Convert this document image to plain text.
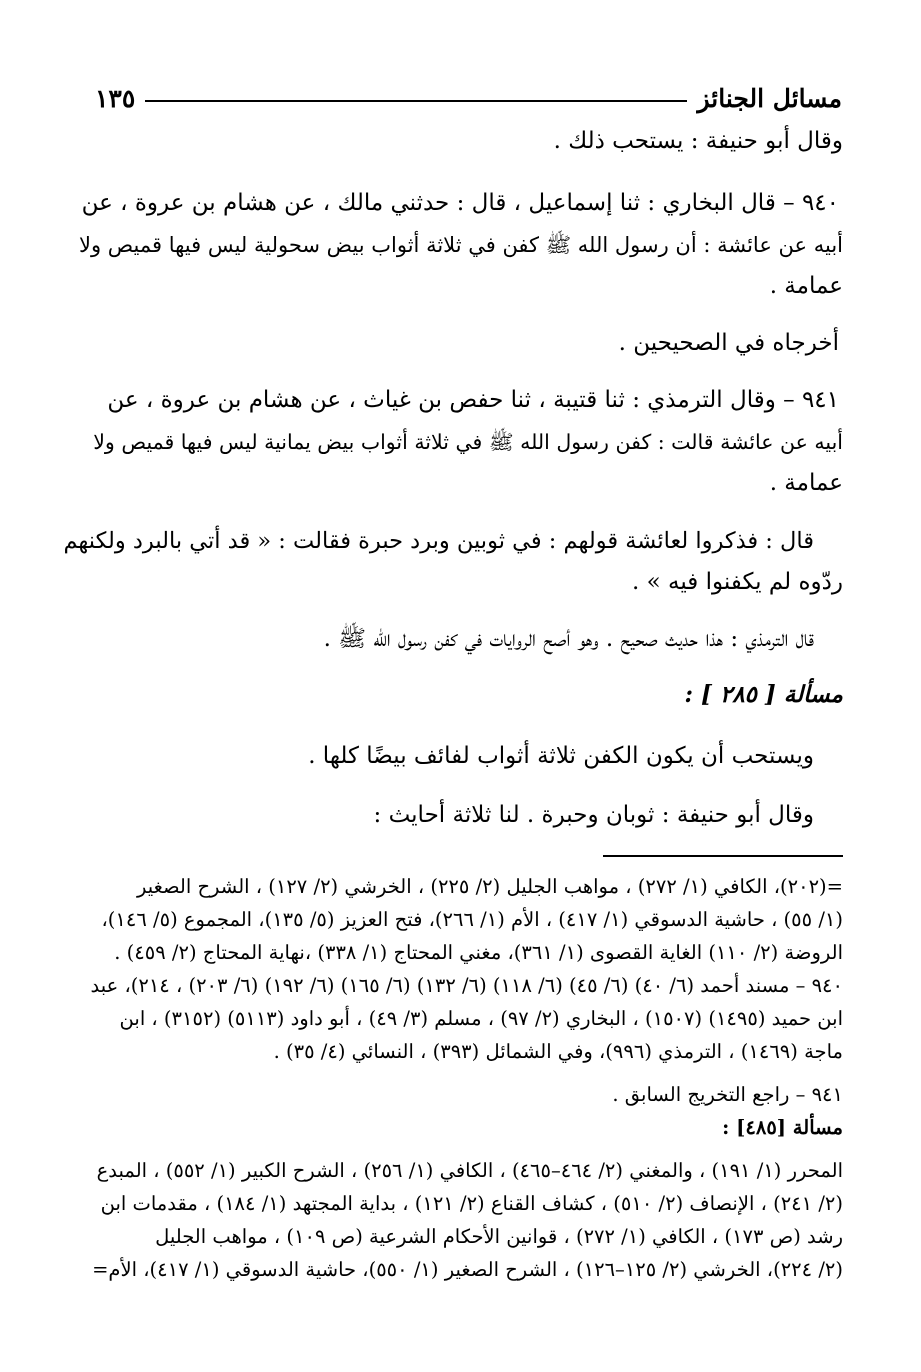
مسائل الجنائز
١٣٥
وقال أبو حنيفة : يستحب ذلك .
٩٤٠ – قال البخاري : ثنا إسماعيل ، قال : حدثني مالك ، عن هشام بن عروة ، عن
أبيه عن عائشة : أن رسول الله ﷺ كفن في ثلاثة أثواب بيض سحولية ليس فيها قميص ولا
عمامة .
أخرجاه في الصحيحين .
٩٤١ – وقال الترمذي : ثنا قتيبة ، ثنا حفص بن غياث ، عن هشام بن عروة ، عن
أبيه عن عائشة قالت : كفن رسول الله ﷺ في ثلاثة أثواب بيض يمانية ليس فيها قميص ولا
عمامة .
قال : فذكروا لعائشة قولهم : في ثوبين وبرد حبرة فقالت : « قد أتي بالبرد ولكنهم
ردّوه لم يكفنوا فيه » .
قال الترمذي : هذا حديث صحيح . وهو أصح الروايات في كفن رسول الله ﷺ .
مسألة [ ٢٨٥ ] :
ويستحب أن يكون الكفن ثلاثة أثواب لفائف بيضًا كلها .
وقال أبو حنيفة : ثوبان وحبرة . لنا ثلاثة أحايث :
=(٢٠٢)، الكافي (١/ ٢٧٢) ، مواهب الجليل (٢/ ٢٢٥) ، الخرشي (٢/ ١٢٧) ، الشرح الصغير
(١/ ٥٥) ، حاشية الدسوقي (١/ ٤١٧) ، الأم (١/ ٢٦٦)، فتح العزيز (٥/ ١٣٥)، المجموع (٥/ ١٤٦)،
الروضة (٢/ ١١٠) الغاية القصوى (١/ ٣٦١)، مغني المحتاج (١/ ٣٣٨) ،نهاية المحتاج (٢/ ٤٥٩) .
٩٤٠ – مسند أحمد (٦/ ٤٠) (٦/ ٤٥) (٦/ ١١٨) (٦/ ١٣٢) (٦/ ١٦٥) (٦/ ١٩٢) (٦/ ٢٠٣) ، ٢١٤)، عبد
ابن حميد (١٤٩٥) (١٥٠٧) ، البخاري (٢/ ٩٧) ، مسلم (٣/ ٤٩) ، أبو داود (٥١١٣) (٣١٥٢) ، ابن
ماجة (١٤٦٩) ، الترمذي (٩٩٦)، وفي الشمائل (٣٩٣) ، النسائي (٤/ ٣٥) .
٩٤١ – راجع التخريج السابق .
مسألة [٤٨٥] :
المحرر (١/ ١٩١) ، والمغني (٢/ ٤٦٤–٤٦٥) ، الكافي (١/ ٢٥٦) ، الشرح الكبير (١/ ٥٥٢) ، المبدع
(٢/ ٢٤١) ، الإنصاف (٢/ ٥١٠) ، كشاف القناع (٢/ ١٢١) ، بداية المجتهد (١/ ١٨٤) ، مقدمات ابن
رشد (ص ١٧٣) ، الكافي (١/ ٢٧٢) ، قوانين الأحكام الشرعية (ص ١٠٩) ، مواهب الجليل
(٢/ ٢٢٤)، الخرشي (٢/ ١٢٥–١٢٦) ، الشرح الصغير (١/ ٥٥٠)، حاشية الدسوقي (١/ ٤١٧)، الأم=
